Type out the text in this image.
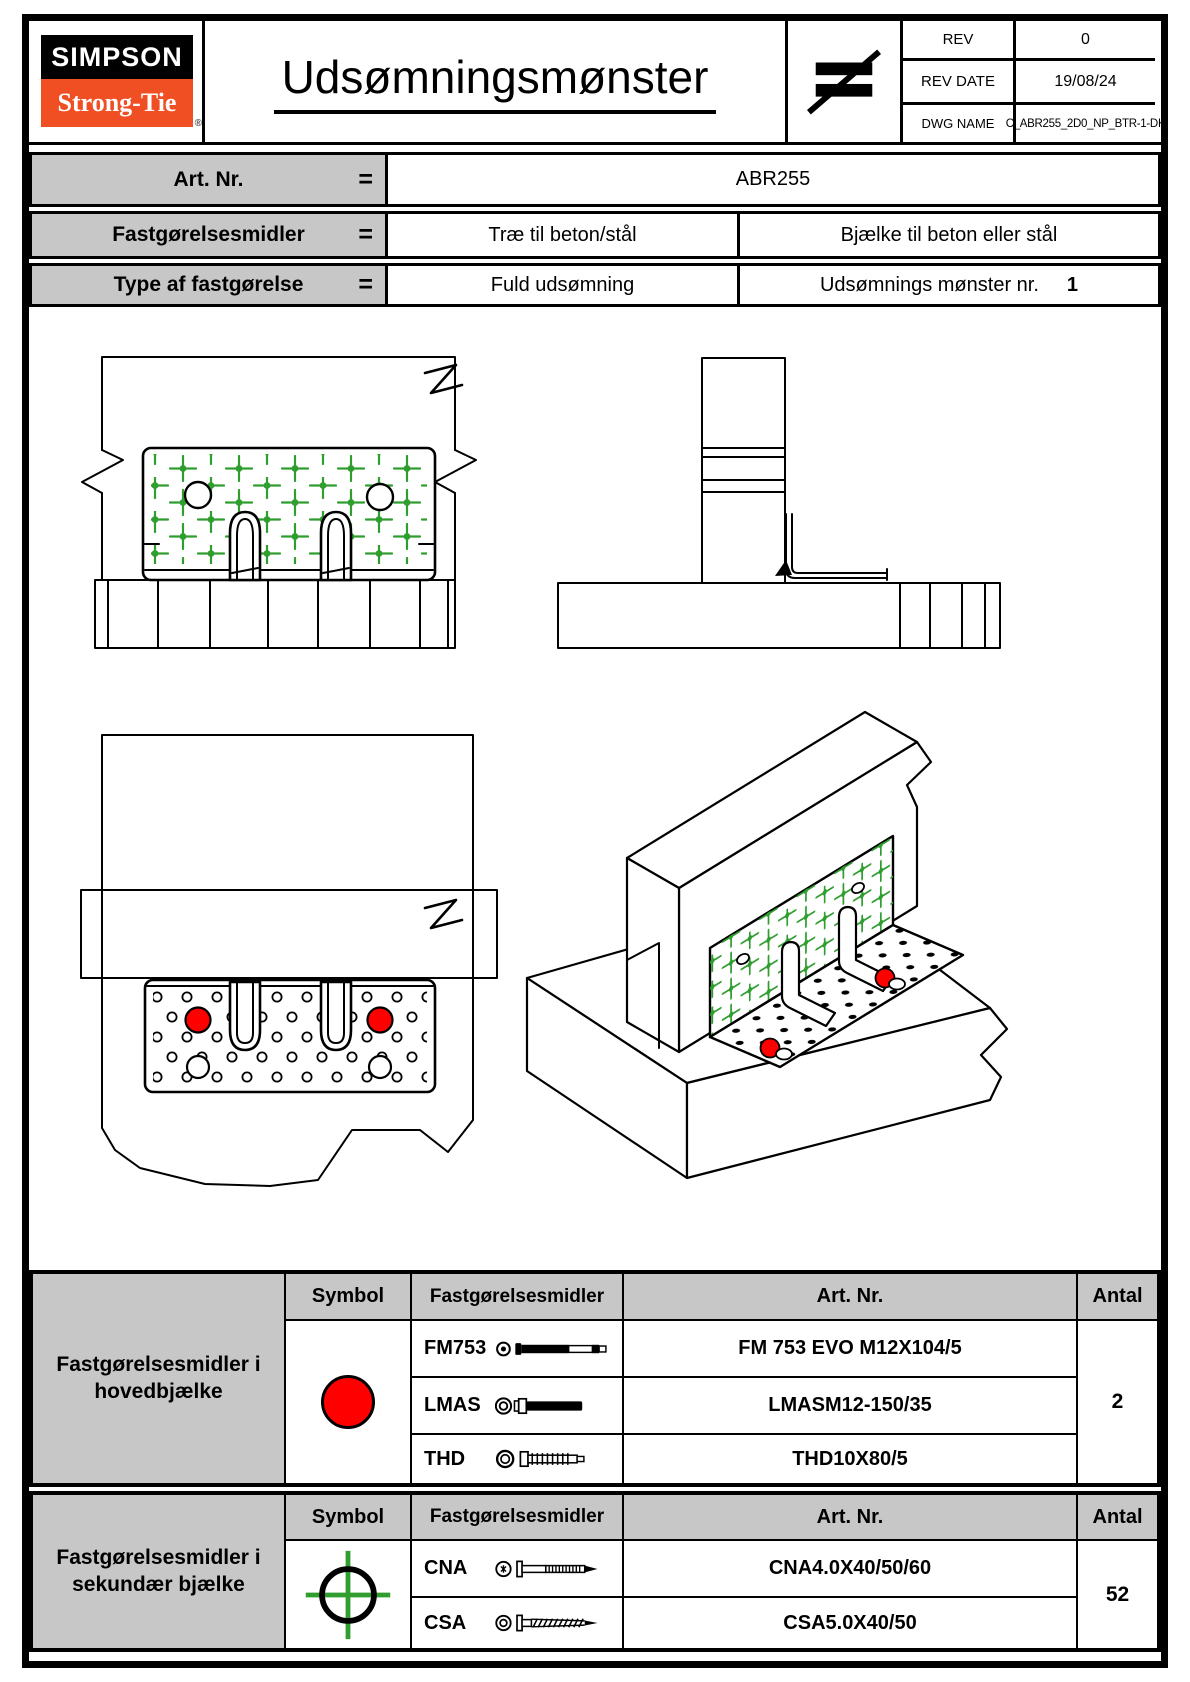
SIMPSON
Strong-Tie
®
Udsømningsmønster
REV	0
REV DATE	19/08/24
DWG NAME C_ABR255_2D0_NP_BTR-1-DK
Art. Nr.	=	ABR255
Fastgørelsesmidler =	Træ til beton/stål	Bjælke til beton eller stål
Type af fastgørelse =	Fuld udsømning	Udsømnings mønster nr. 1
Fastgørelsesmidler i hovedbjælke
Symbol	Fastgørelsesmidler	Art. Nr.	Antal
FM753	FM 753 EVO M12X104/5
LMAS	LMASM12-150/35
THD	THD10X80/5
2
Fastgørelsesmidler i sekundær bjælke
Symbol	Fastgørelsesmidler	Art. Nr.	Antal
CNA	CNA4.0X40/50/60
CSA	CSA5.0X40/50
52
